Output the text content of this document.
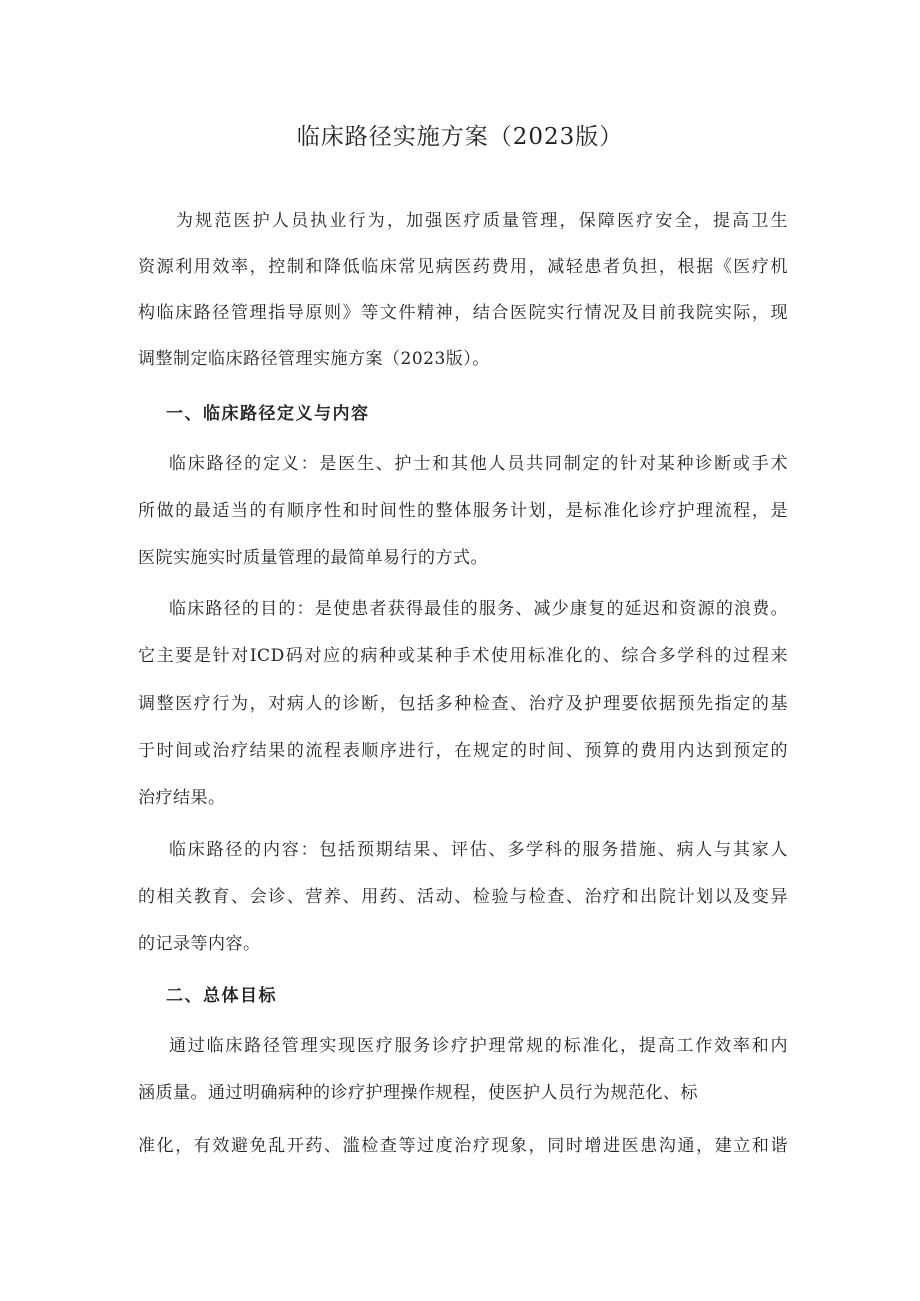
临床路径实施方案（2023版）
为规范医护人员执业行为，加强医疗质量管理，保障医疗安全，提高卫生
资源利用效率，控制和降低临床常见病医药费用，减轻患者负担，根据《医疗机
构临床路径管理指导原则》等文件精神，结合医院实行情况及目前我院实际，现
调整制定临床路径管理实施方案（2023版）。
一、临床路径定义与内容
临床路径的定义：是医生、护士和其他人员共同制定的针对某种诊断或手术
所做的最适当的有顺序性和时间性的整体服务计划，是标准化诊疗护理流程，是
医院实施实时质量管理的最简单易行的方式。
临床路径的目的：是使患者获得最佳的服务、减少康复的延迟和资源的浪费。
它主要是针对ICD码对应的病种或某种手术使用标准化的、综合多学科的过程来
调整医疗行为，对病人的诊断，包括多种检查、治疗及护理要依据预先指定的基
于时间或治疗结果的流程表顺序进行，在规定的时间、预算的费用内达到预定的
治疗结果。
临床路径的内容：包括预期结果、评估、多学科的服务措施、病人与其家人
的相关教育、会诊、营养、用药、活动、检验与检查、治疗和出院计划以及变异
的记录等内容。
二、总体目标
通过临床路径管理实现医疗服务诊疗护理常规的标准化，提高工作效率和内
涵质量。通过明确病种的诊疗护理操作规程，使医护人员行为规范化、标
准化，有效避免乱开药、滥检查等过度治疗现象，同时增进医患沟通，建立和谐
